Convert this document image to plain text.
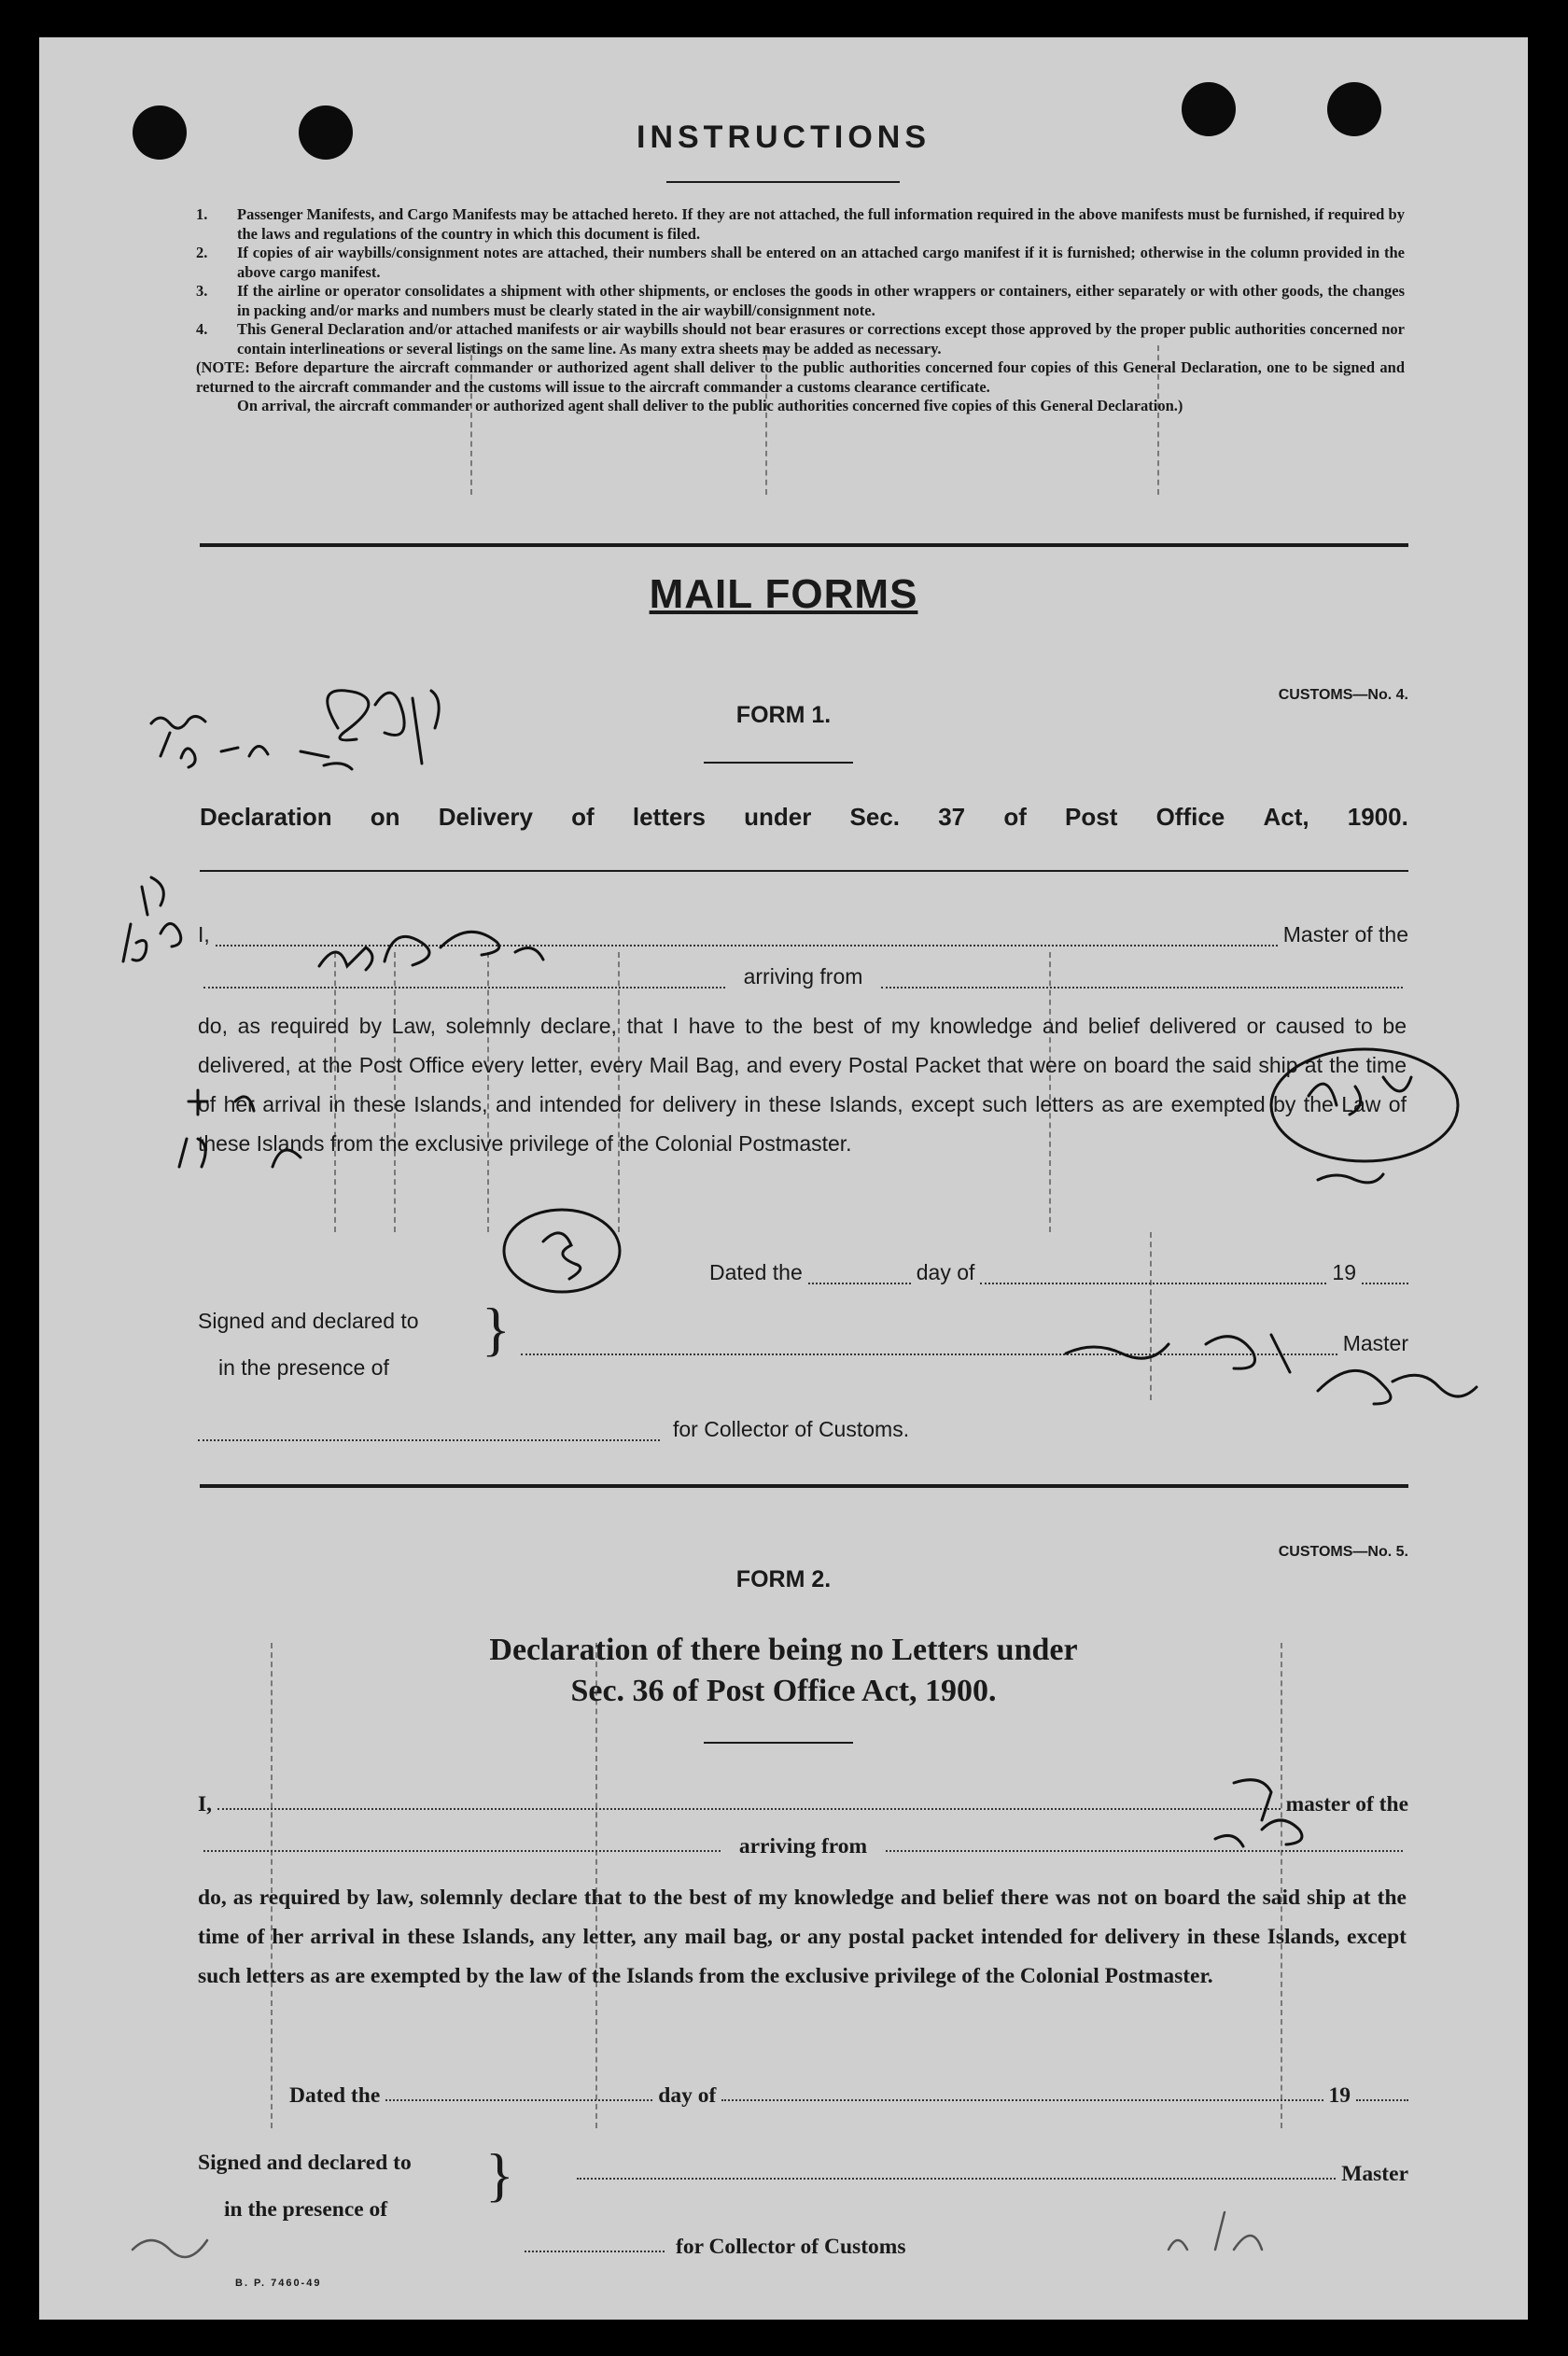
INSTRUCTIONS
1. Passenger Manifests, and Cargo Manifests may be attached hereto. If they are not attached, the full information required in the above manifests must be furnished, if required by the laws and regulations of the country in which this document is filed.
2. If copies of air waybills/consignment notes are attached, their numbers shall be entered on an attached cargo manifest if it is furnished; otherwise in the column provided in the above cargo manifest.
3. If the airline or operator consolidates a shipment with other shipments, or encloses the goods in other wrappers or containers, either separately or with other goods, the changes in packing and/or marks and numbers must be clearly stated in the air waybill/consignment note.
4. This General Declaration and/or attached manifests or air waybills should not bear erasures or corrections except those approved by the proper public authorities concerned nor contain interlineations or several listings on the same line. As many extra sheets may be added as necessary.
(NOTE: Before departure the aircraft commander or authorized agent shall deliver to the public authorities concerned four copies of this General Declaration, one to be signed and returned to the aircraft commander and the customs will issue to the aircraft commander a customs clearance certificate.
On arrival, the aircraft commander or authorized agent shall deliver to the public authorities concerned five copies of this General Declaration.)
MAIL FORMS
CUSTOMS—No. 4.
FORM 1.
Declaration on Delivery of letters under Sec. 37 of Post Office Act, 1900.
I,	Master of the
arriving from
do, as required by Law, solemnly declare, that I have to the best of my knowledge and belief delivered or caused to be delivered, at the Post Office every letter, every Mail Bag, and every Postal Packet that were on board the said ship at the time of her arrival in these Islands, and intended for delivery in these Islands, except such letters as are exempted by the Law of these Islands from the exclusive privilege of the Colonial Postmaster.
Dated the	day of	19
Signed and declared to
in the presence of
}	Master
for Collector of Customs.
CUSTOMS—No. 5.
FORM 2.
Declaration of there being no Letters under
Sec. 36 of Post Office Act, 1900.
I,	master of the
arriving from
do, as required by law, solemnly declare that to the best of my knowledge and belief there was not on board the said ship at the time of her arrival in these Islands, any letter, any mail bag, or any postal packet intended for delivery in these Islands, except such letters as are exempted by the law of the Islands from the exclusive privilege of the Colonial Postmaster.
Dated the	day of	19
Signed and declared to
in the presence of
}	Master
for Collector of Customs
B. P. 7460-49
